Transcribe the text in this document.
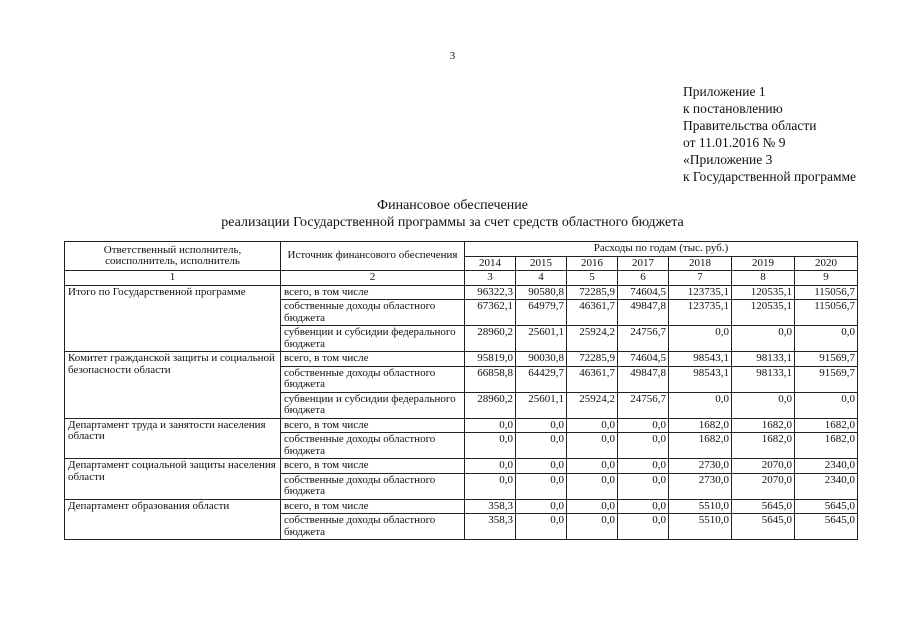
3
Приложение 1
к постановлению
Правительства области
от 11.01.2016 № 9
«Приложение 3
к Государственной программе
Финансовое обеспечение
реализации Государственной программы за счет средств областного бюджета
Ответственный исполнитель, соисполнитель, исполнитель	Источник финансового обеспечения	Расходы по годам (тыс. руб.)						
		2014	2015	2016	2017	2018	2019	2020
1	2	3	4	5	6	7	8	9
Итого по Государственной программе	всего, в том числе	96322,3	90580,8	72285,9	74604,5	123735,1	120535,1	115056,7
	собственные доходы областного бюджета	67362,1	64979,7	46361,7	49847,8	123735,1	120535,1	115056,7
	субвенции и субсидии федерального бюджета	28960,2	25601,1	25924,2	24756,7	0,0	0,0	0,0
Комитет гражданской защиты и социальной безопасности области	всего, в том числе	95819,0	90030,8	72285,9	74604,5	98543,1	98133,1	91569,7
	собственные доходы областного бюджета	66858,8	64429,7	46361,7	49847,8	98543,1	98133,1	91569,7
	субвенции и субсидии федерального бюджета	28960,2	25601,1	25924,2	24756,7	0,0	0,0	0,0
Департамент труда и занятости населения области	всего, в том числе	0,0	0,0	0,0	0,0	1682,0	1682,0	1682,0
	собственные доходы областного бюджета	0,0	0,0	0,0	0,0	1682,0	1682,0	1682,0
Департамент социальной защиты населения области	всего, в том числе	0,0	0,0	0,0	0,0	2730,0	2070,0	2340,0
	собственные доходы областного бюджета	0,0	0,0	0,0	0,0	2730,0	2070,0	2340,0
Департамент образования области	всего, в том числе	358,3	0,0	0,0	0,0	5510,0	5645,0	5645,0
	собственные доходы областного бюджета	358,3	0,0	0,0	0,0	5510,0	5645,0	5645,0
